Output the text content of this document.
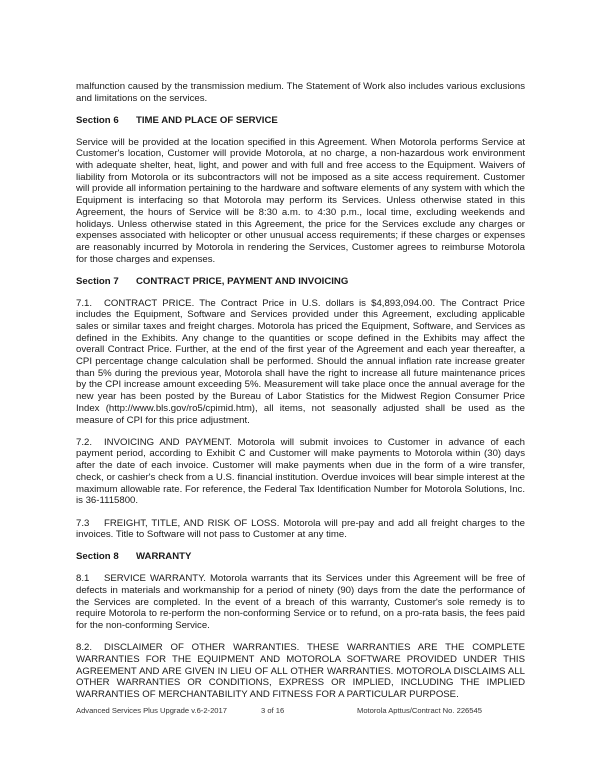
malfunction caused by the transmission medium. The Statement of Work also includes various exclusions and limitations on the services.

Section 6	TIME AND PLACE OF SERVICE

Service will be provided at the location specified in this Agreement. When Motorola performs Service at Customer's location, Customer will provide Motorola, at no charge, a non-hazardous work environment with adequate shelter, heat, light, and power and with full and free access to the Equipment. Waivers of liability from Motorola or its subcontractors will not be imposed as a site access requirement. Customer will provide all information pertaining to the hardware and software elements of any system with which the Equipment is interfacing so that Motorola may perform its Services. Unless otherwise stated in this Agreement, the hours of Service will be 8:30 a.m. to 4:30 p.m., local time, excluding weekends and holidays. Unless otherwise stated in this Agreement, the price for the Services exclude any charges or expenses associated with helicopter or other unusual access requirements; if these charges or expenses are reasonably incurred by Motorola in rendering the Services, Customer agrees to reimburse Motorola for those charges and expenses.

Section 7	CONTRACT PRICE, PAYMENT AND INVOICING

7.1. CONTRACT PRICE. The Contract Price in U.S. dollars is $4,893,094.00. The Contract Price includes the Equipment, Software and Services provided under this Agreement, excluding applicable sales or similar taxes and freight charges. Motorola has priced the Equipment, Software, and Services as defined in the Exhibits. Any change to the quantities or scope defined in the Exhibits may affect the overall Contract Price. Further, at the end of the first year of the Agreement and each year thereafter, a CPI percentage change calculation shall be performed. Should the annual inflation rate increase greater than 5% during the previous year, Motorola shall have the right to increase all future maintenance prices by the CPI increase amount exceeding 5%. Measurement will take place once the annual average for the new year has been posted by the Bureau of Labor Statistics for the Midwest Region Consumer Price Index (http://www.bls.gov/ro5/cpimid.htm), all items, not seasonally adjusted shall be used as the measure of CPI for this price adjustment.

7.2. INVOICING AND PAYMENT. Motorola will submit invoices to Customer in advance of each payment period, according to Exhibit C and Customer will make payments to Motorola within (30) days after the date of each invoice. Customer will make payments when due in the form of a wire transfer, check, or cashier's check from a U.S. financial institution. Overdue invoices will bear simple interest at the maximum allowable rate. For reference, the Federal Tax Identification Number for Motorola Solutions, Inc. is 36-1115800.

7.3 FREIGHT, TITLE, AND RISK OF LOSS. Motorola will pre-pay and add all freight charges to the invoices. Title to Software will not pass to Customer at any time.

Section 8	WARRANTY

8.1 SERVICE WARRANTY. Motorola warrants that its Services under this Agreement will be free of defects in materials and workmanship for a period of ninety (90) days from the date the performance of the Services are completed. In the event of a breach of this warranty, Customer's sole remedy is to require Motorola to re-perform the non-conforming Service or to refund, on a pro-rata basis, the fees paid for the non-conforming Service.

8.2. DISCLAIMER OF OTHER WARRANTIES. THESE WARRANTIES ARE THE COMPLETE WARRANTIES FOR THE EQUIPMENT AND MOTOROLA SOFTWARE PROVIDED UNDER THIS AGREEMENT AND ARE GIVEN IN LIEU OF ALL OTHER WARRANTIES. MOTOROLA DISCLAIMS ALL OTHER WARRANTIES OR CONDITIONS, EXPRESS OR IMPLIED, INCLUDING THE IMPLIED WARRANTIES OF MERCHANTABILITY AND FITNESS FOR A PARTICULAR PURPOSE.

Advanced Services Plus Upgrade v.6-2-2017	3 of 16	Motorola Apttus/Contract No. 226545
